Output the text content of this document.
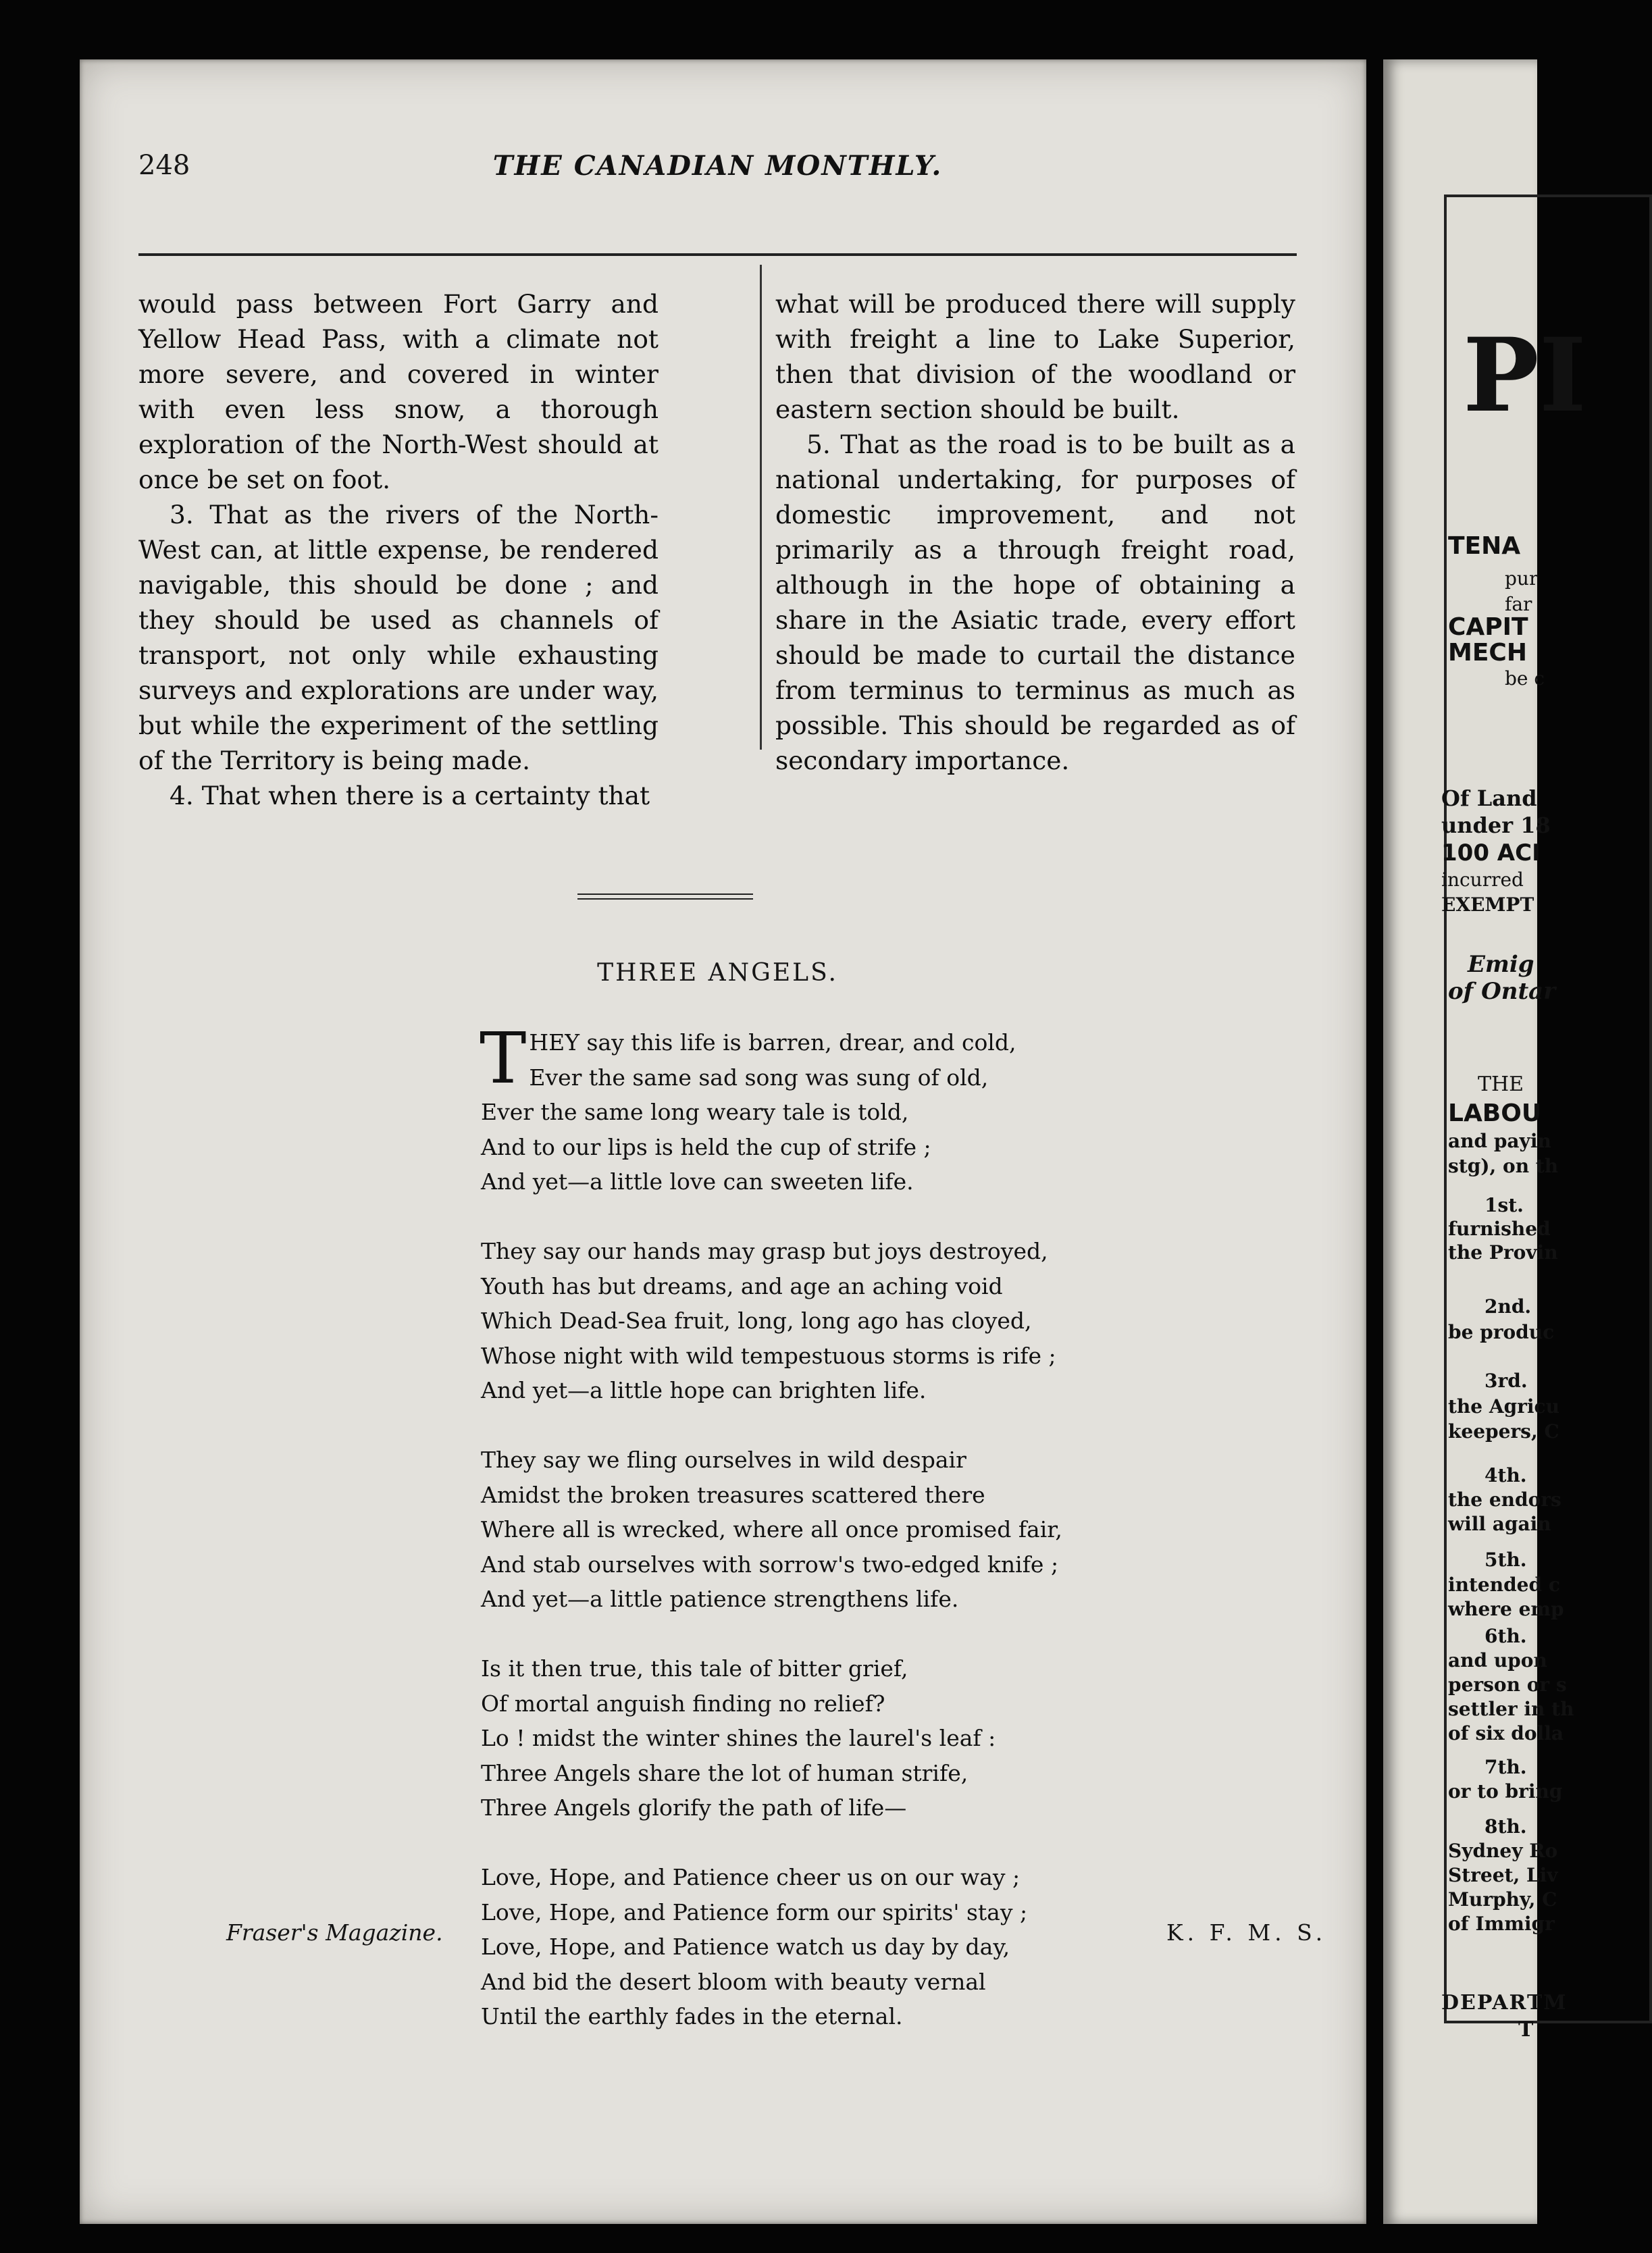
248	THE CANADIAN MONTHLY.

would pass between Fort Garry and Yellow Head Pass, with a climate not more severe, and covered in winter with even less snow, a thorough exploration of the North-West should at once be set on foot.

3. That as the rivers of the North-West can, at little expense, be rendered navigable, this should be done ; and they should be used as channels of transport, not only while exhausting surveys and explorations are under way, but while the experiment of the settling of the Territory is being made.

4. That when there is a certainty that

what will be produced there will supply with freight a line to Lake Superior, then that division of the woodland or eastern section should be built.

5. That as the road is to be built as a national undertaking, for purposes of domestic improvement, and not primarily as a through freight road, although in the hope of obtaining a share in the Asiatic trade, every effort should be made to curtail the distance from terminus to terminus as much as possible. This should be regarded as of secondary importance.

THREE ANGELS.
T HEY say this life is barren, drear, and cold,
Ever the same sad song was sung of old,
Ever the same long weary tale is told,
And to our lips is held the cup of strife ;
And yet—a little love can sweeten life.
They say our hands may grasp but joys destroyed,
Youth has but dreams, and age an aching void
Which Dead-Sea fruit, long, long ago has cloyed,
Whose night with wild tempestuous storms is rife ;
And yet—a little hope can brighten life.
They say we fling ourselves in wild despair
Amidst the broken treasures scattered there
Where all is wrecked, where all once promised fair,
And stab ourselves with sorrow's two-edged knife ;
And yet—a little patience strengthens life.
Is it then true, this tale of bitter grief,
Of mortal anguish finding no relief?
Lo ! midst the winter shines the laurel's leaf :
Three Angels share the lot of human strife,
Three Angels glorify the path of life—
Love, Hope, and Patience cheer us on our way ;
Love, Hope, and Patience form our spirits' stay ;
Love, Hope, and Patience watch us day by day,
And bid the desert bloom with beauty vernal
Until the earthly fades in the eternal.
Fraser's Magazine.	K. F. M. S.
PI
TENA
pur
far
CAPIT
MECH
be c
Of Land
under 18
100 ACI
incurred
EXEMPT
Emig
of Ontar
THE
LABOU
and payin
stg), on th
1st.
furnished
the Provin
2nd.
be produc
3rd.
the Agricu
keepers, C
4th.
the endors
will again
5th.
intended c
where emp
6th.
and upon
person or s
settler in th
of six dolla
7th.
or to bring
8th.
Sydney Ro
Street, Liv
Murphy, C
of Immigr
DEPARTM
T
